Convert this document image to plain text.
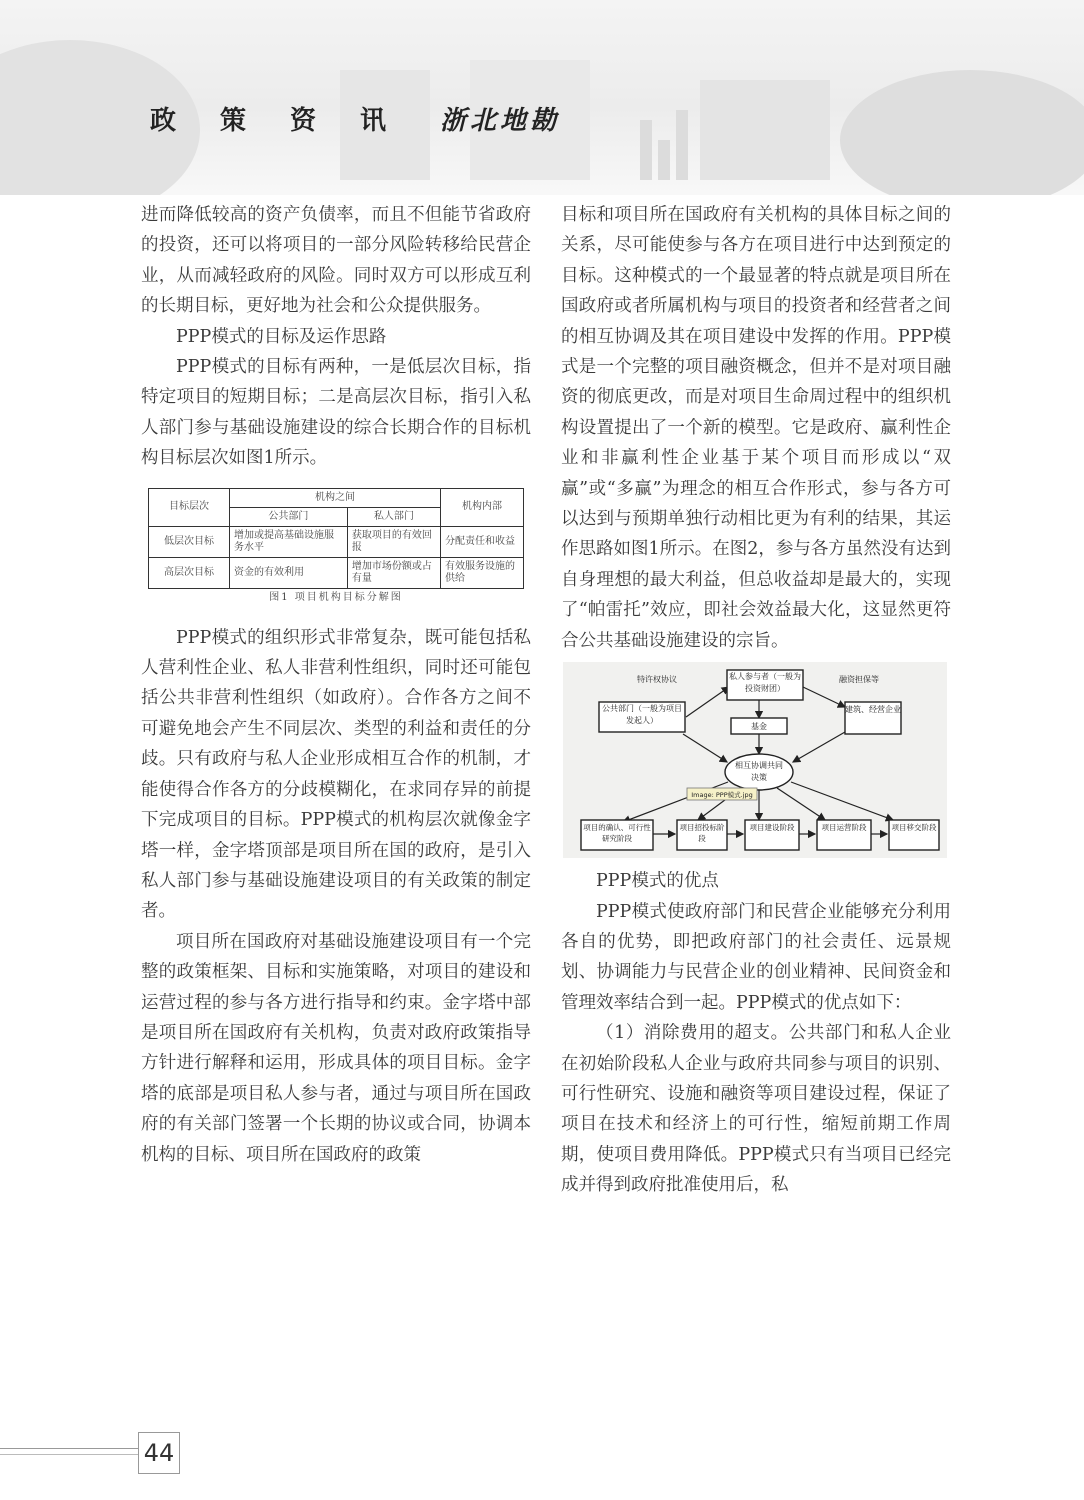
政	策	资	讯	浙北地勘

进而降低较高的资产负债率，而且不但能节省政府的投资，还可以将项目的一部分风险转移给民营企业，从而减轻政府的风险。同时双方可以形成互利的长期目标，更好地为社会和公众提供服务。

PPP模式的目标及运作思路

PPP模式的目标有两种，一是低层次目标，指特定项目的短期目标；二是高层次目标，指引入私人部门参与基础设施建设的综合长期合作的目标机构目标层次如图1所示。

目标层次	机构之间		机构内部
	公共部门	私人部门	
低层次目标	增加或提高基础设施服务水平	获取项目的有效回报	分配责任和收益
高层次目标	资金的有效利用	增加市场份额或占有量	有效服务设施的供给
图1 项目机构目标分解图

PPP模式的组织形式非常复杂，既可能包括私人营利性企业、私人非营利性组织，同时还可能包括公共非营利性组织（如政府）。合作各方之间不可避免地会产生不同层次、类型的利益和责任的分歧。只有政府与私人企业形成相互合作的机制，才能使得合作各方的分歧模糊化，在求同存异的前提下完成项目的目标。PPP模式的机构层次就像金字塔一样，金字塔顶部是项目所在国的政府，是引入私人部门参与基础设施建设项目的有关政策的制定者。

项目所在国政府对基础设施建设项目有一个完整的政策框架、目标和实施策略，对项目的建设和运营过程的参与各方进行指导和约束。金字塔中部是项目所在国政府有关机构，负责对政府政策指导方针进行解释和运用，形成具体的项目目标。金字塔的底部是项目私人参与者，通过与项目所在国政府的有关部门签署一个长期的协议或合同，协调本机构的目标、项目所在国政府的政策

目标和项目所在国政府有关机构的具体目标之间的关系，尽可能使参与各方在项目进行中达到预定的目标。这种模式的一个最显著的特点就是项目所在国政府或者所属机构与项目的投资者和经营者之间的相互协调及其在项目建设中发挥的作用。PPP模式是一个完整的项目融资概念，但并不是对项目融资的彻底更改，而是对项目生命周过程中的组织机构设置提出了一个新的模型。它是政府、赢利性企业和非赢利性企业基于某个项目而形成以“双赢”或“多赢”为理念的相互合作形式，参与各方可以达到与预期单独行动相比更为有利的结果，其运作思路如图1所示。在图2，参与各方虽然没有达到自身理想的最大利益，但总收益却是最大的，实现了“帕雷托”效应，即社会效益最大化，这显然更符合公共基础设施建设的宗旨。

特许权协议	融资担保等
私人参与者（一般为投资财团）
公共部门（一般为项目发起人）
基金
建筑、经营企业
相互协调共同决策
Image: PPP模式.jpg
项目的确认、可行性研究阶段
项目招投标阶段
项目建设阶段	项目运营阶段	项目移交阶段

PPP模式的优点

PPP模式使政府部门和民营企业能够充分利用各自的优势，即把政府部门的社会责任、远景规划、协调能力与民营企业的创业精神、民间资金和管理效率结合到一起。PPP模式的优点如下：

（1）消除费用的超支。公共部门和私人企业在初始阶段私人企业与政府共同参与项目的识别、可行性研究、设施和融资等项目建设过程，保证了项目在技术和经济上的可行性，缩短前期工作周期，使项目费用降低。PPP模式只有当项目已经完成并得到政府批准使用后，私

44
